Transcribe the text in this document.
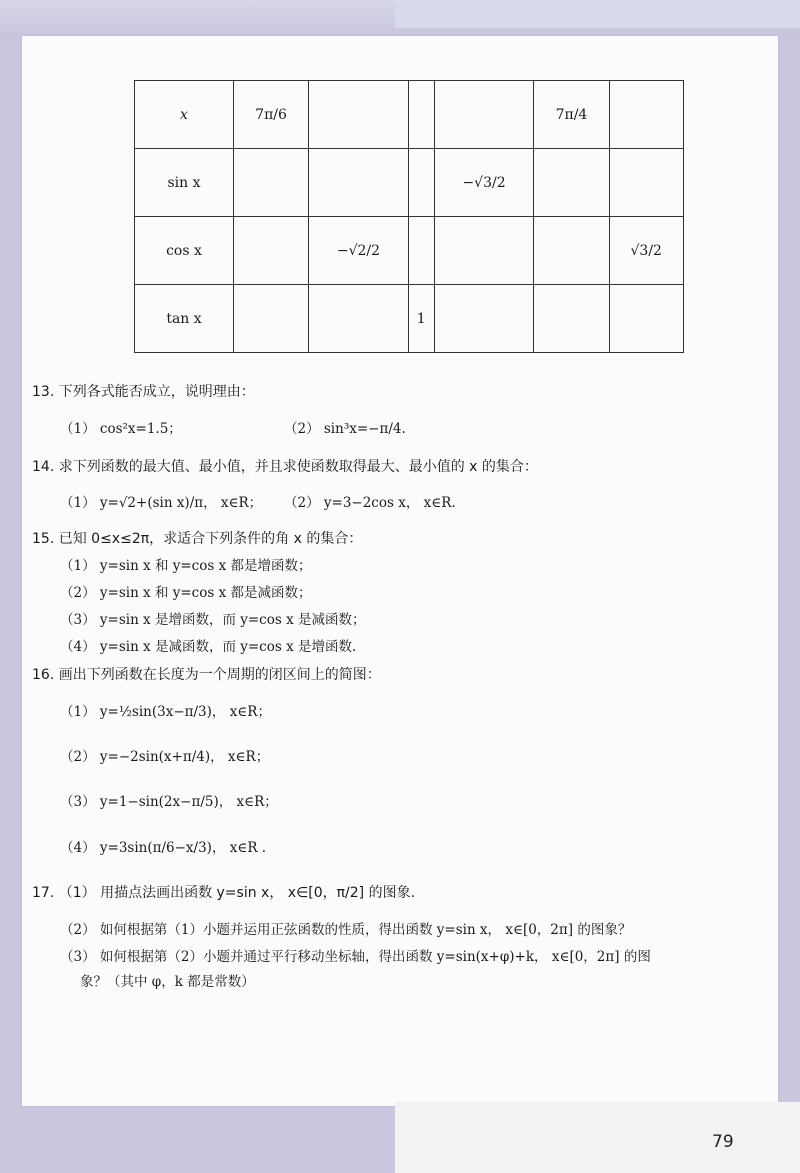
x	7π/6				7π/4	
sin x				−√3/2		
cos x		−√2/2				√3/2
tan x			1			
13. 下列各式能否成立，说明理由：
（1） cos²x=1.5；	（2） sin³x=−π/4.
14. 求下列函数的最大值、最小值，并且求使函数取得最大、最小值的 x 的集合：
（1） y=√2+(sin x)/π， x∈R； （2） y=3−2cos x， x∈R.
15. 已知 0≤x≤2π，求适合下列条件的角 x 的集合：
（1） y=sin x 和 y=cos x 都是增函数；
（2） y=sin x 和 y=cos x 都是减函数；
（3） y=sin x 是增函数，而 y=cos x 是减函数；
（4） y=sin x 是减函数，而 y=cos x 是增函数.
16. 画出下列函数在长度为一个周期的闭区间上的简图：
（1） y=½sin(3x−π/3)， x∈R；
（2） y=−2sin(x+π/4)， x∈R；
（3） y=1−sin(2x−π/5)， x∈R；
（4） y=3sin(π/6−x/3)， x∈R .
17. （1） 用描点法画出函数 y=sin x， x∈[0，π/2] 的图象.
（2） 如何根据第（1）小题并运用正弦函数的性质，得出函数 y=sin x， x∈[0，2π] 的图象？
（3） 如何根据第（2）小题并通过平行移动坐标轴，得出函数 y=sin(x+φ)+k， x∈[0，2π] 的图
象？（其中 φ，k 都是常数）
79
